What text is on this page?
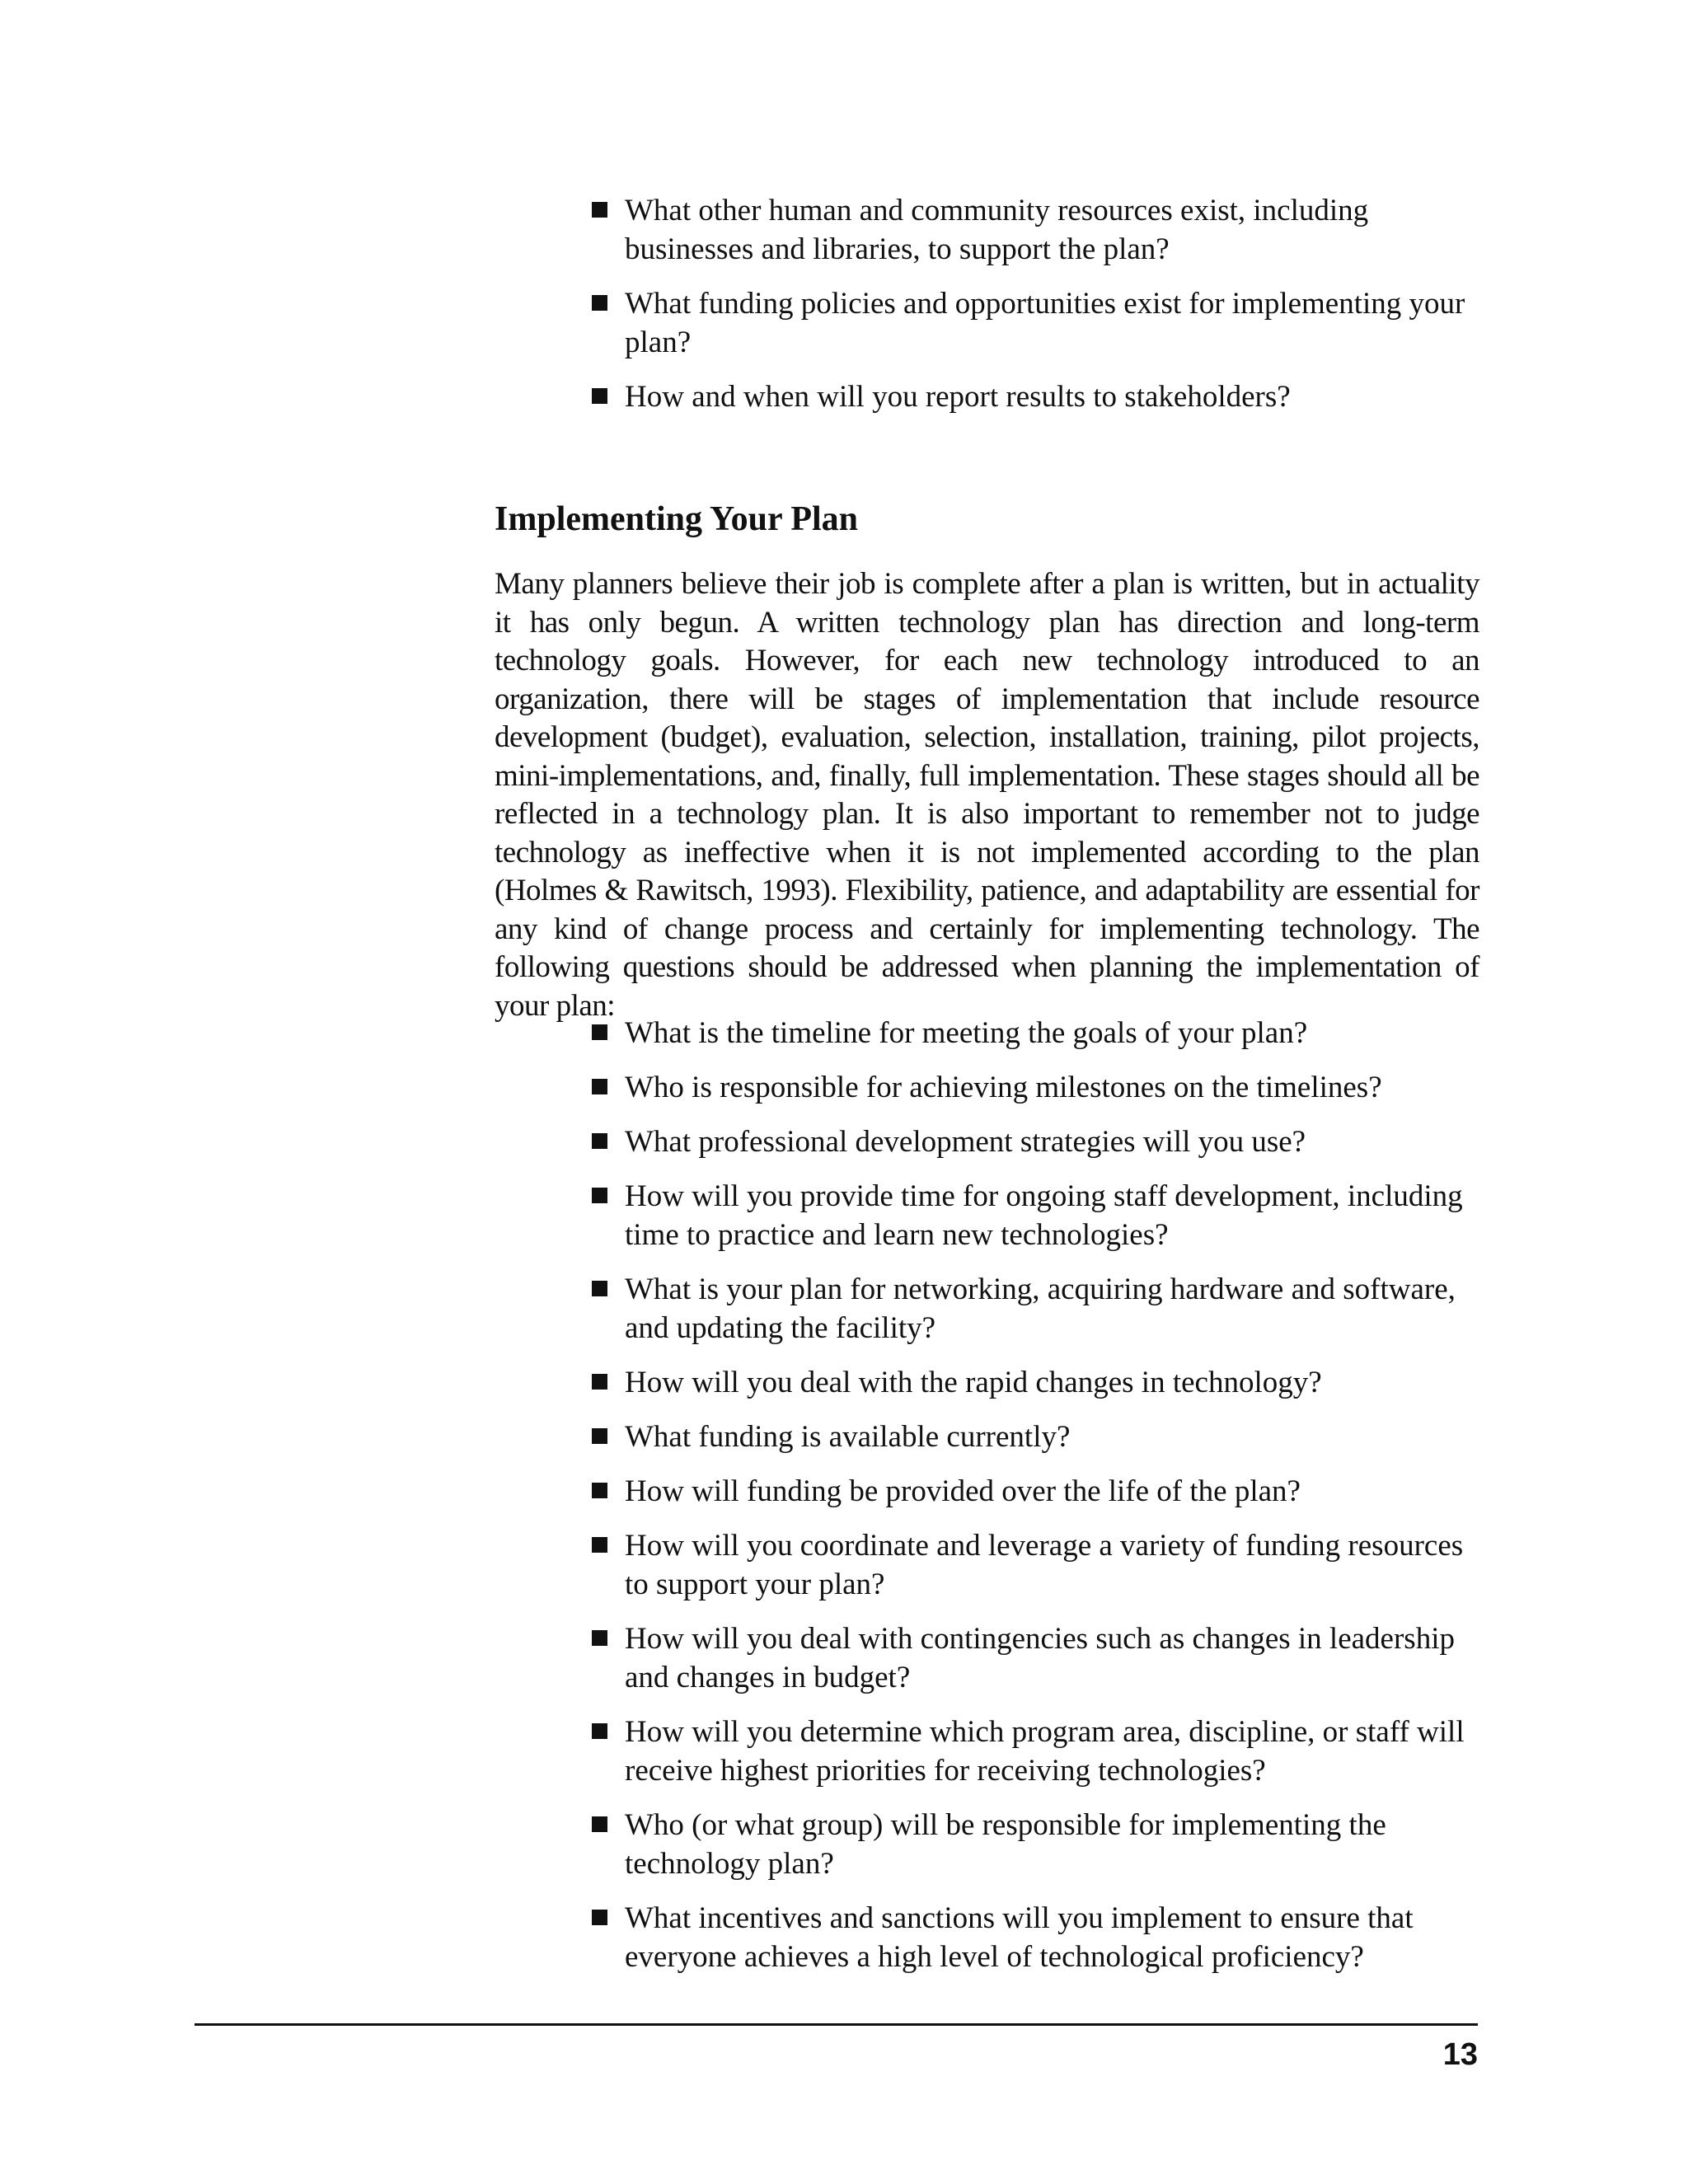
What other human and community resources exist, including businesses and libraries, to support the plan?
What funding policies and opportunities exist for implementing your plan?
How and when will you report results to stakeholders?
Implementing Your Plan

Many planners believe their job is complete after a plan is written, but in actuality it has only begun. A written technology plan has direction and long-term technology goals. However, for each new technology introduced to an organization, there will be stages of implementation that include resource development (budget), evaluation, selection, installation, training, pilot projects, mini-implementations, and, finally, full implementation. These stages should all be reflected in a technology plan. It is also important to remember not to judge technology as ineffective when it is not implemented according to the plan (Holmes & Rawitsch, 1993). Flexibility, patience, and adaptability are essential for any kind of change process and certainly for implementing technology. The following questions should be addressed when planning the implementation of your plan:

What is the timeline for meeting the goals of your plan?
Who is responsible for achieving milestones on the timelines?
What professional development strategies will you use?
How will you provide time for ongoing staff development, including time to practice and learn new technologies?
What is your plan for networking, acquiring hardware and software, and updating the facility?
How will you deal with the rapid changes in technology?
What funding is available currently?
How will funding be provided over the life of the plan?
How will you coordinate and leverage a variety of funding resources to support your plan?
How will you deal with contingencies such as changes in leadership and changes in budget?
How will you determine which program area, discipline, or staff will receive highest priorities for receiving technologies?
Who (or what group) will be responsible for implementing the technology plan?
What incentives and sanctions will you implement to ensure that everyone achieves a high level of technological proficiency?
13
